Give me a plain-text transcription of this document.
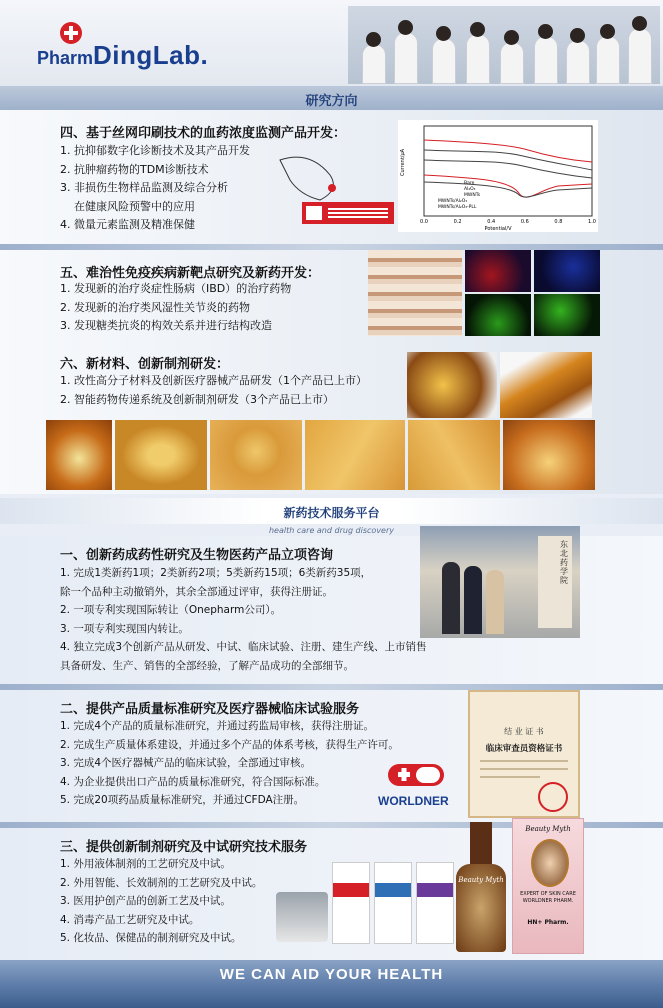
PharmDingLab.
研究方向
四、基于丝网印刷技术的血药浓度监测产品开发：
1. 抗抑郁数字化诊断技术及其产品开发
2. 抗肿瘤药物的TDM诊断技术
3. 非损伤生物样品监测及综合分析
在健康风险预警中的应用
4. 微量元素监测及精准保健
Current/μA
Potential/V
0.0	0.2	0.4	0.6	0.8	1.0
Bare
Al₂O₃
MWNTs
MWNTs/Al₂O₃
MWNTs/Al₂O₃-PLL
五、难治性免疫疾病新靶点研究及新药开发：
1. 发现新的治疗炎症性肠病（IBD）的治疗药物
2. 发现新的治疗类风湿性关节炎的药物
3. 发现糖类抗炎的构效关系并进行结构改造
六、新材料、创新制剂研发：
1. 改性高分子材料及创新医疗器械产品研发（1个产品已上市）
2. 智能药物传递系统及创新制剂研发（3个产品已上市）
新药技术服务平台
health care and drug discovery
一、创新药成药性研究及生物医药产品立项咨询
1. 完成1类新药1项；2类新药2项；5类新药15项；6类新药35项，
除一个品种主动撤销外，其余全部通过评审，获得注册证。
2. 一项专利实现国际转让（Onepharm公司）。
3. 一项专利实现国内转让。
4. 独立完成3个创新产品从研发、中试、临床试验、注册、建生产线、上市销售
具备研发、生产、销售的全部经验，了解产品成功的全部细节。
东北药学院
二、提供产品质量标准研究及医疗器械临床试验服务
1. 完成4个产品的质量标准研究，并通过药监局审核，获得注册证。
2. 完成生产质量体系建设，并通过多个产品的体系考核，获得生产许可。
3. 完成4个医疗器械产品的临床试验，全部通过审核。
4. 为企业提供出口产品的质量标准研究，符合国际标准。
5. 完成20项药品质量标准研究，并通过CFDA注册。	WORLDNER
结 业 证 书
临床审查员资格证书
三、提供创新制剂研究及中试研究技术服务
1. 外用液体制剂的工艺研究及中试。
2. 外用智能、长效制剂的工艺研究及中试。
3. 医用护创产品的创新工艺及中试。
4. 消毒产品工艺研究及中试。
5. 化妆品、保健品的制剂研究及中试。
Beauty Myth
Beauty Myth
EXPERT OF SKIN CARE WORLDNER PHARM.
HN+ Pharm.
WE CAN AID YOUR HEALTH
